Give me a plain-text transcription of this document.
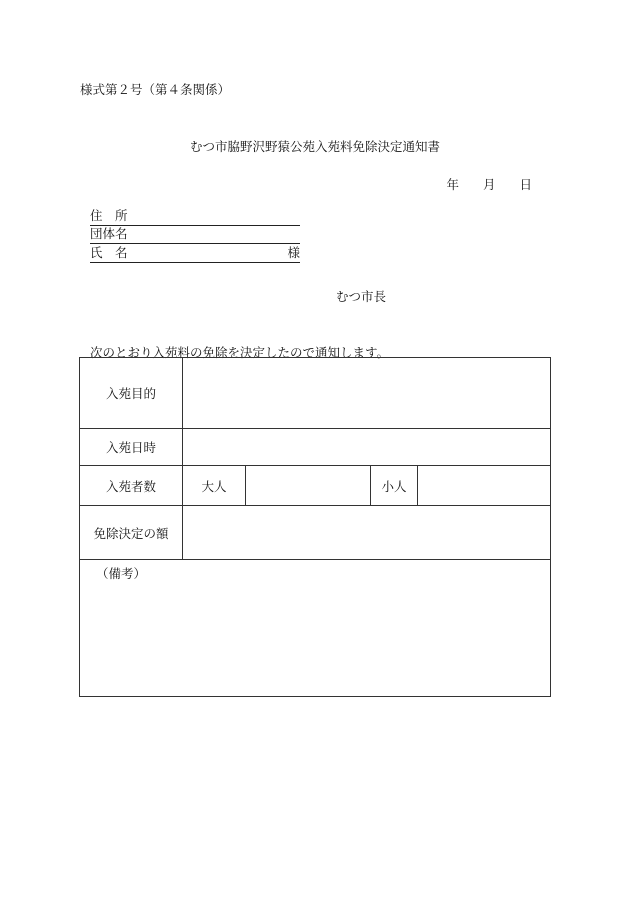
様式第２号（第４条関係）
むつ市脇野沢野猿公苑入苑料免除決定通知書
年 月 日
住　所
団体名
氏　名	様
むつ市長
次のとおり入苑料の免除を決定したので通知します。
入苑目的
入苑日時
入苑者数	大人	小人
免除決定の額
（備考）
